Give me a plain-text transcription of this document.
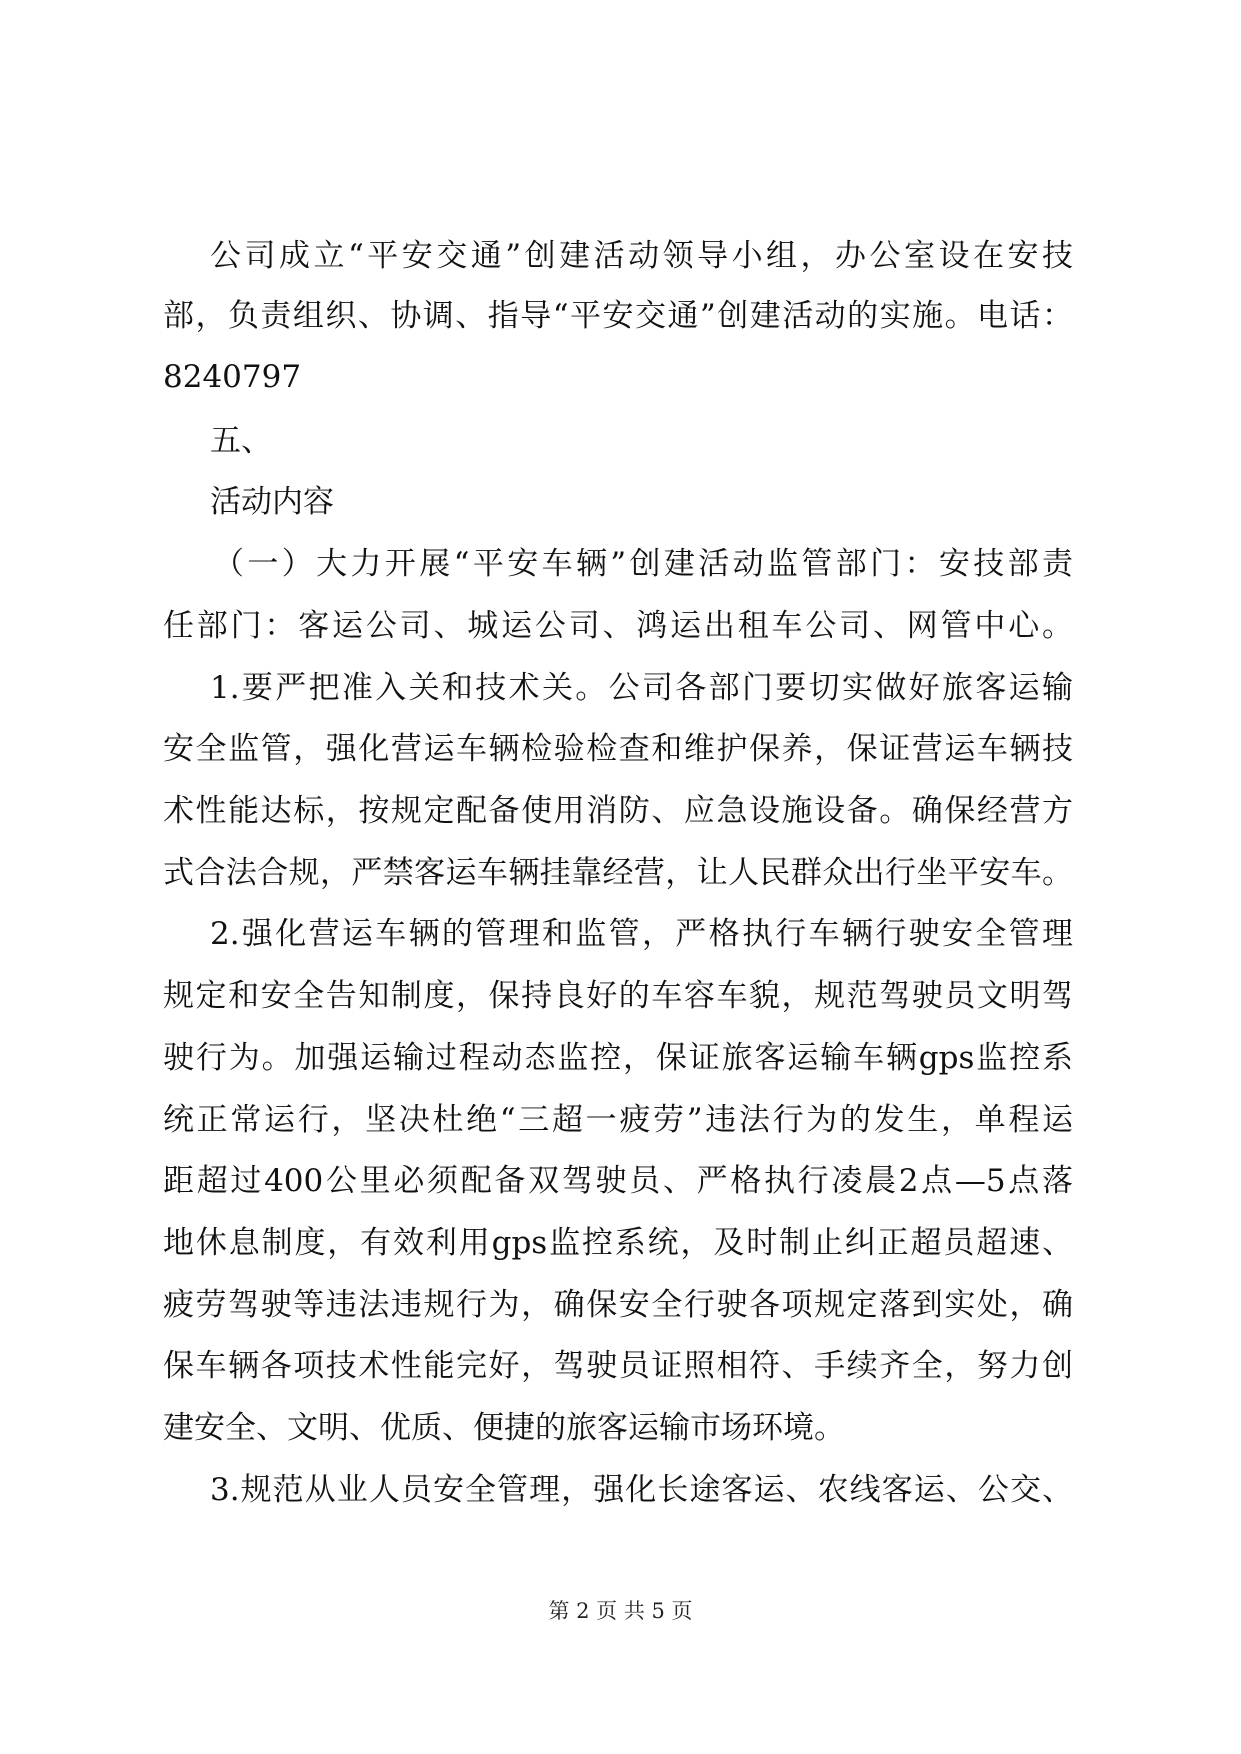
公司成立“平安交通”创建活动领导小组，办公室设在安技
部，负责组织、协调、指导“平安交通”创建活动的实施。电话：
8240797
五、
活动内容
（一）大力开展“平安车辆”创建活动监管部门：安技部责
任部门：客运公司、城运公司、鸿运出租车公司、网管中心。
1.要严把准入关和技术关。公司各部门要切实做好旅客运输
安全监管，强化营运车辆检验检查和维护保养，保证营运车辆技
术性能达标，按规定配备使用消防、应急设施设备。确保经营方
式合法合规，严禁客运车辆挂靠经营，让人民群众出行坐平安车。
2.强化营运车辆的管理和监管，严格执行车辆行驶安全管理
规定和安全告知制度，保持良好的车容车貌，规范驾驶员文明驾
驶行为。加强运输过程动态监控，保证旅客运输车辆gps监控系
统正常运行，坚决杜绝“三超一疲劳”违法行为的发生，单程运
距超过400公里必须配备双驾驶员、严格执行凌晨2点—5点落
地休息制度，有效利用gps监控系统，及时制止纠正超员超速、
疲劳驾驶等违法违规行为，确保安全行驶各项规定落到实处，确
保车辆各项技术性能完好，驾驶员证照相符、手续齐全，努力创
建安全、文明、优质、便捷的旅客运输市场环境。
3.规范从业人员安全管理，强化长途客运、农线客运、公交、
第 2 页 共 5 页
